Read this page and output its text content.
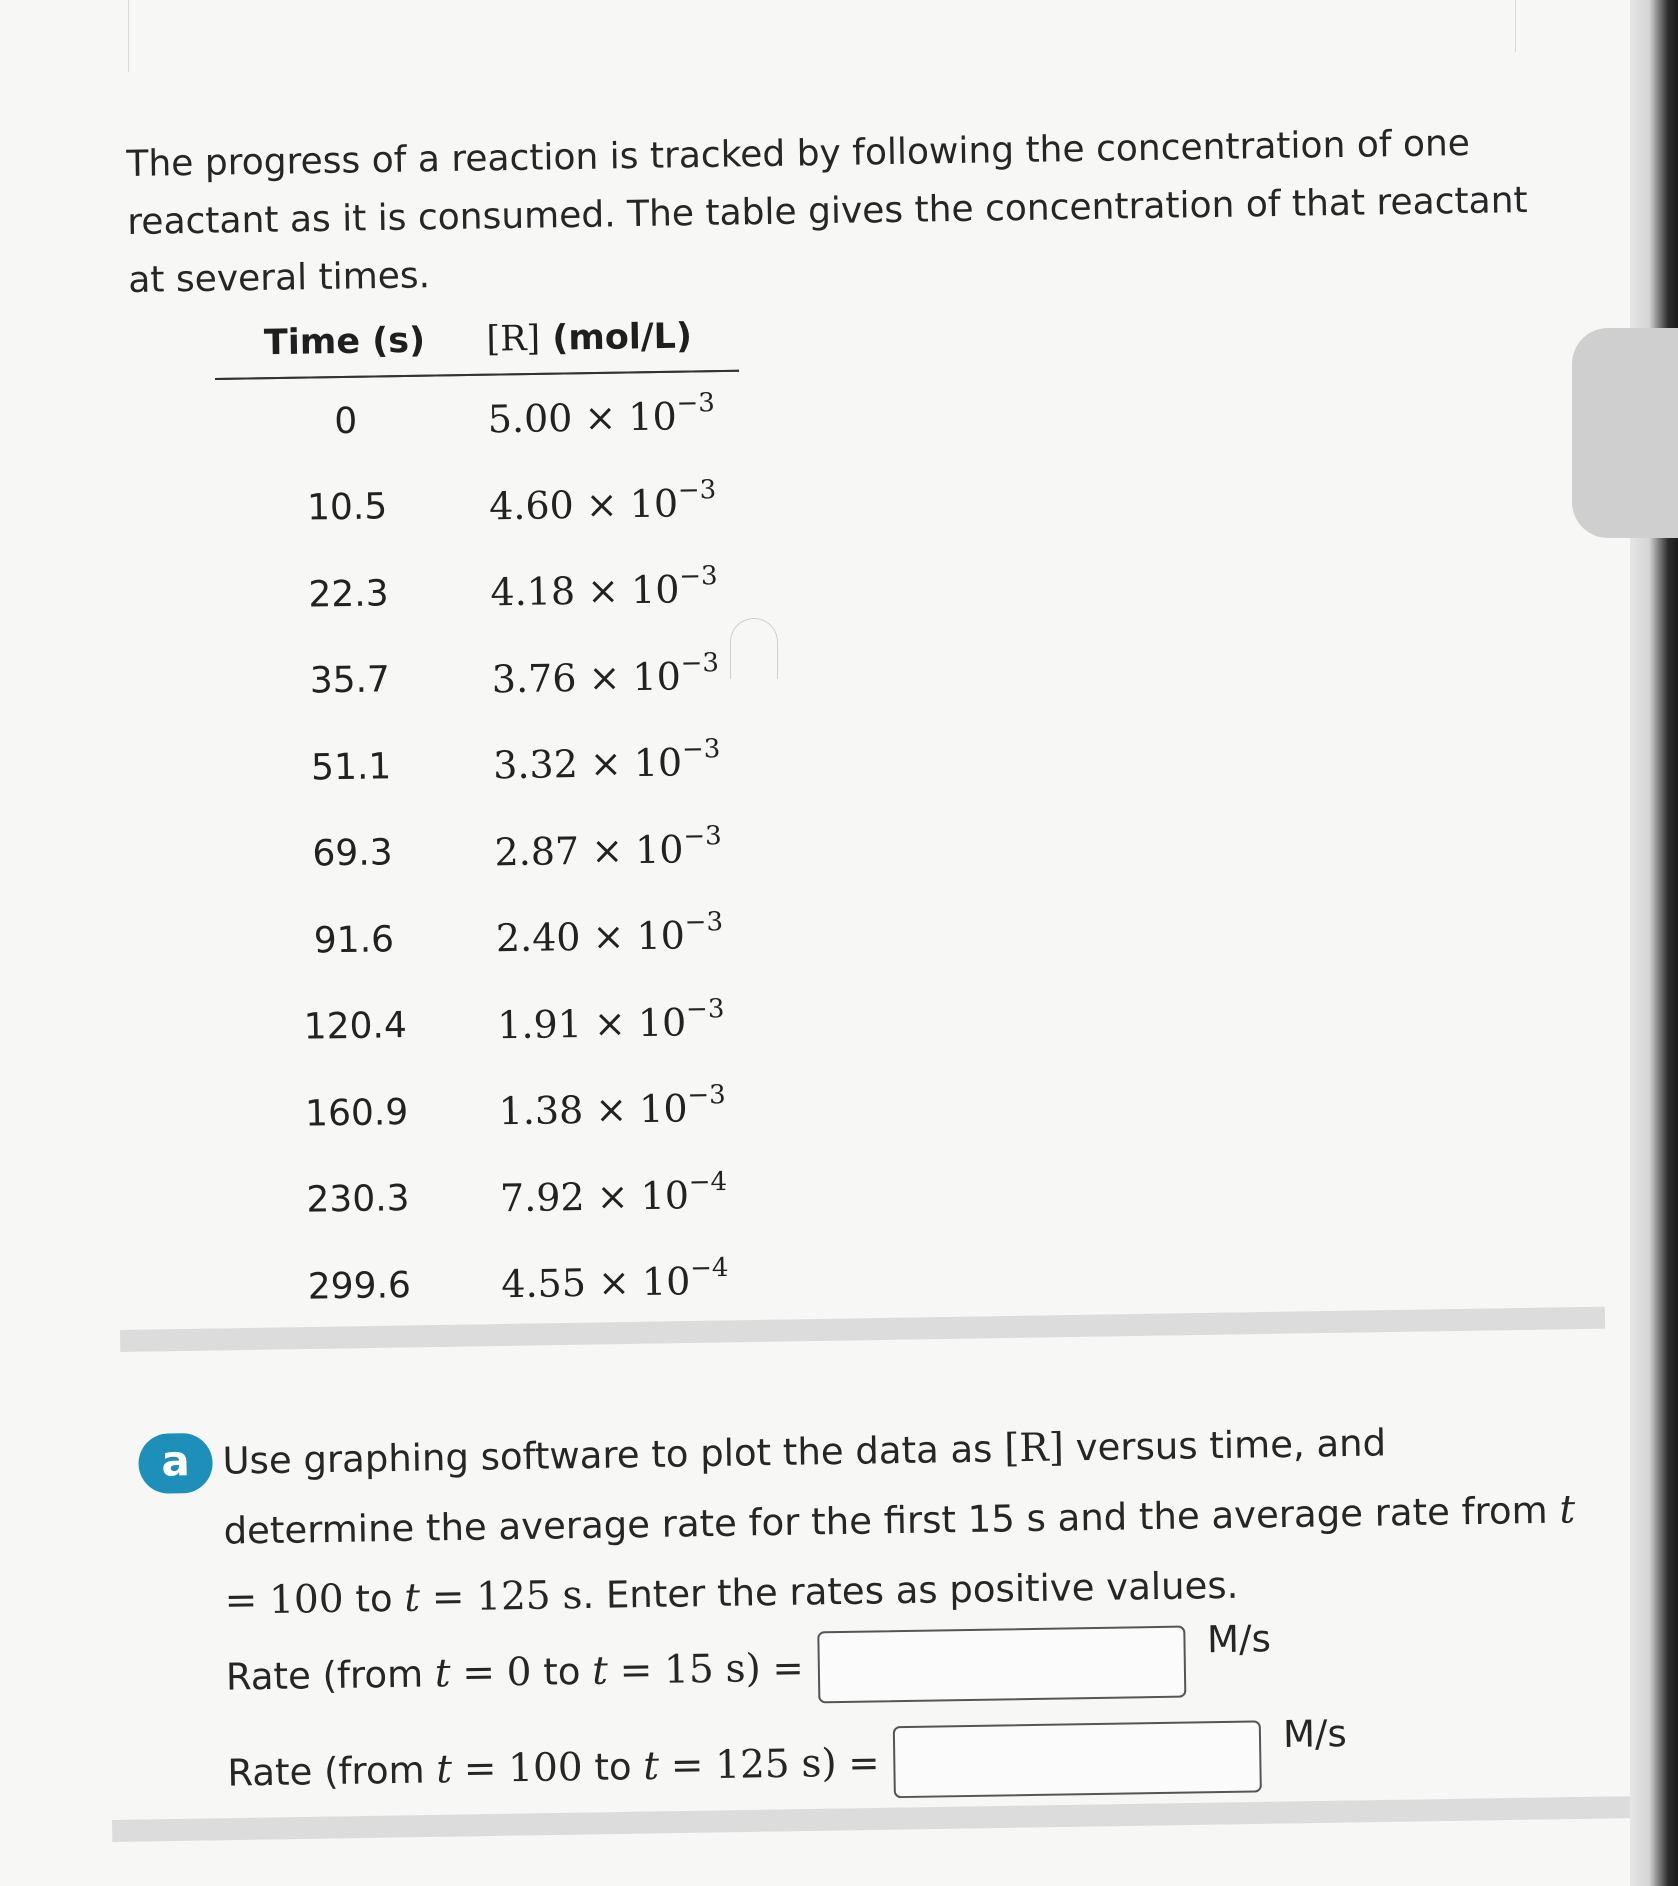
The progress of a reaction is tracked by following the concentration of one reactant as it is consumed. The table gives the concentration of that reactant at several times.

Time (s)	[R] (mol/L)
0	$5.00 \times 10^{-3}$
10.5	$4.60 \times 10^{-3}$
22.3	$4.18 \times 10^{-3}$
35.7	$3.76 \times 10^{-3}$
51.1	$3.32 \times 10^{-3}$
69.3	$2.87 \times 10^{-3}$
91.6	$2.40 \times 10^{-3}$
120.4	$1.91 \times 10^{-3}$
160.9	$1.38 \times 10^{-3}$
230.3	$7.92 \times 10^{-4}$
299.6	$4.55 \times 10^{-4}$
a Use graphing software to plot the data as [R] versus time, and determine the average rate for the first 15 s and the average rate from t = 100 to t = 125 s. Enter the rates as positive values.
Rate (from
t
=
0
to
t
=
15
s)
=
M/s
Rate (from
t
=
100
to
t
=
125
s)
=
M/s
